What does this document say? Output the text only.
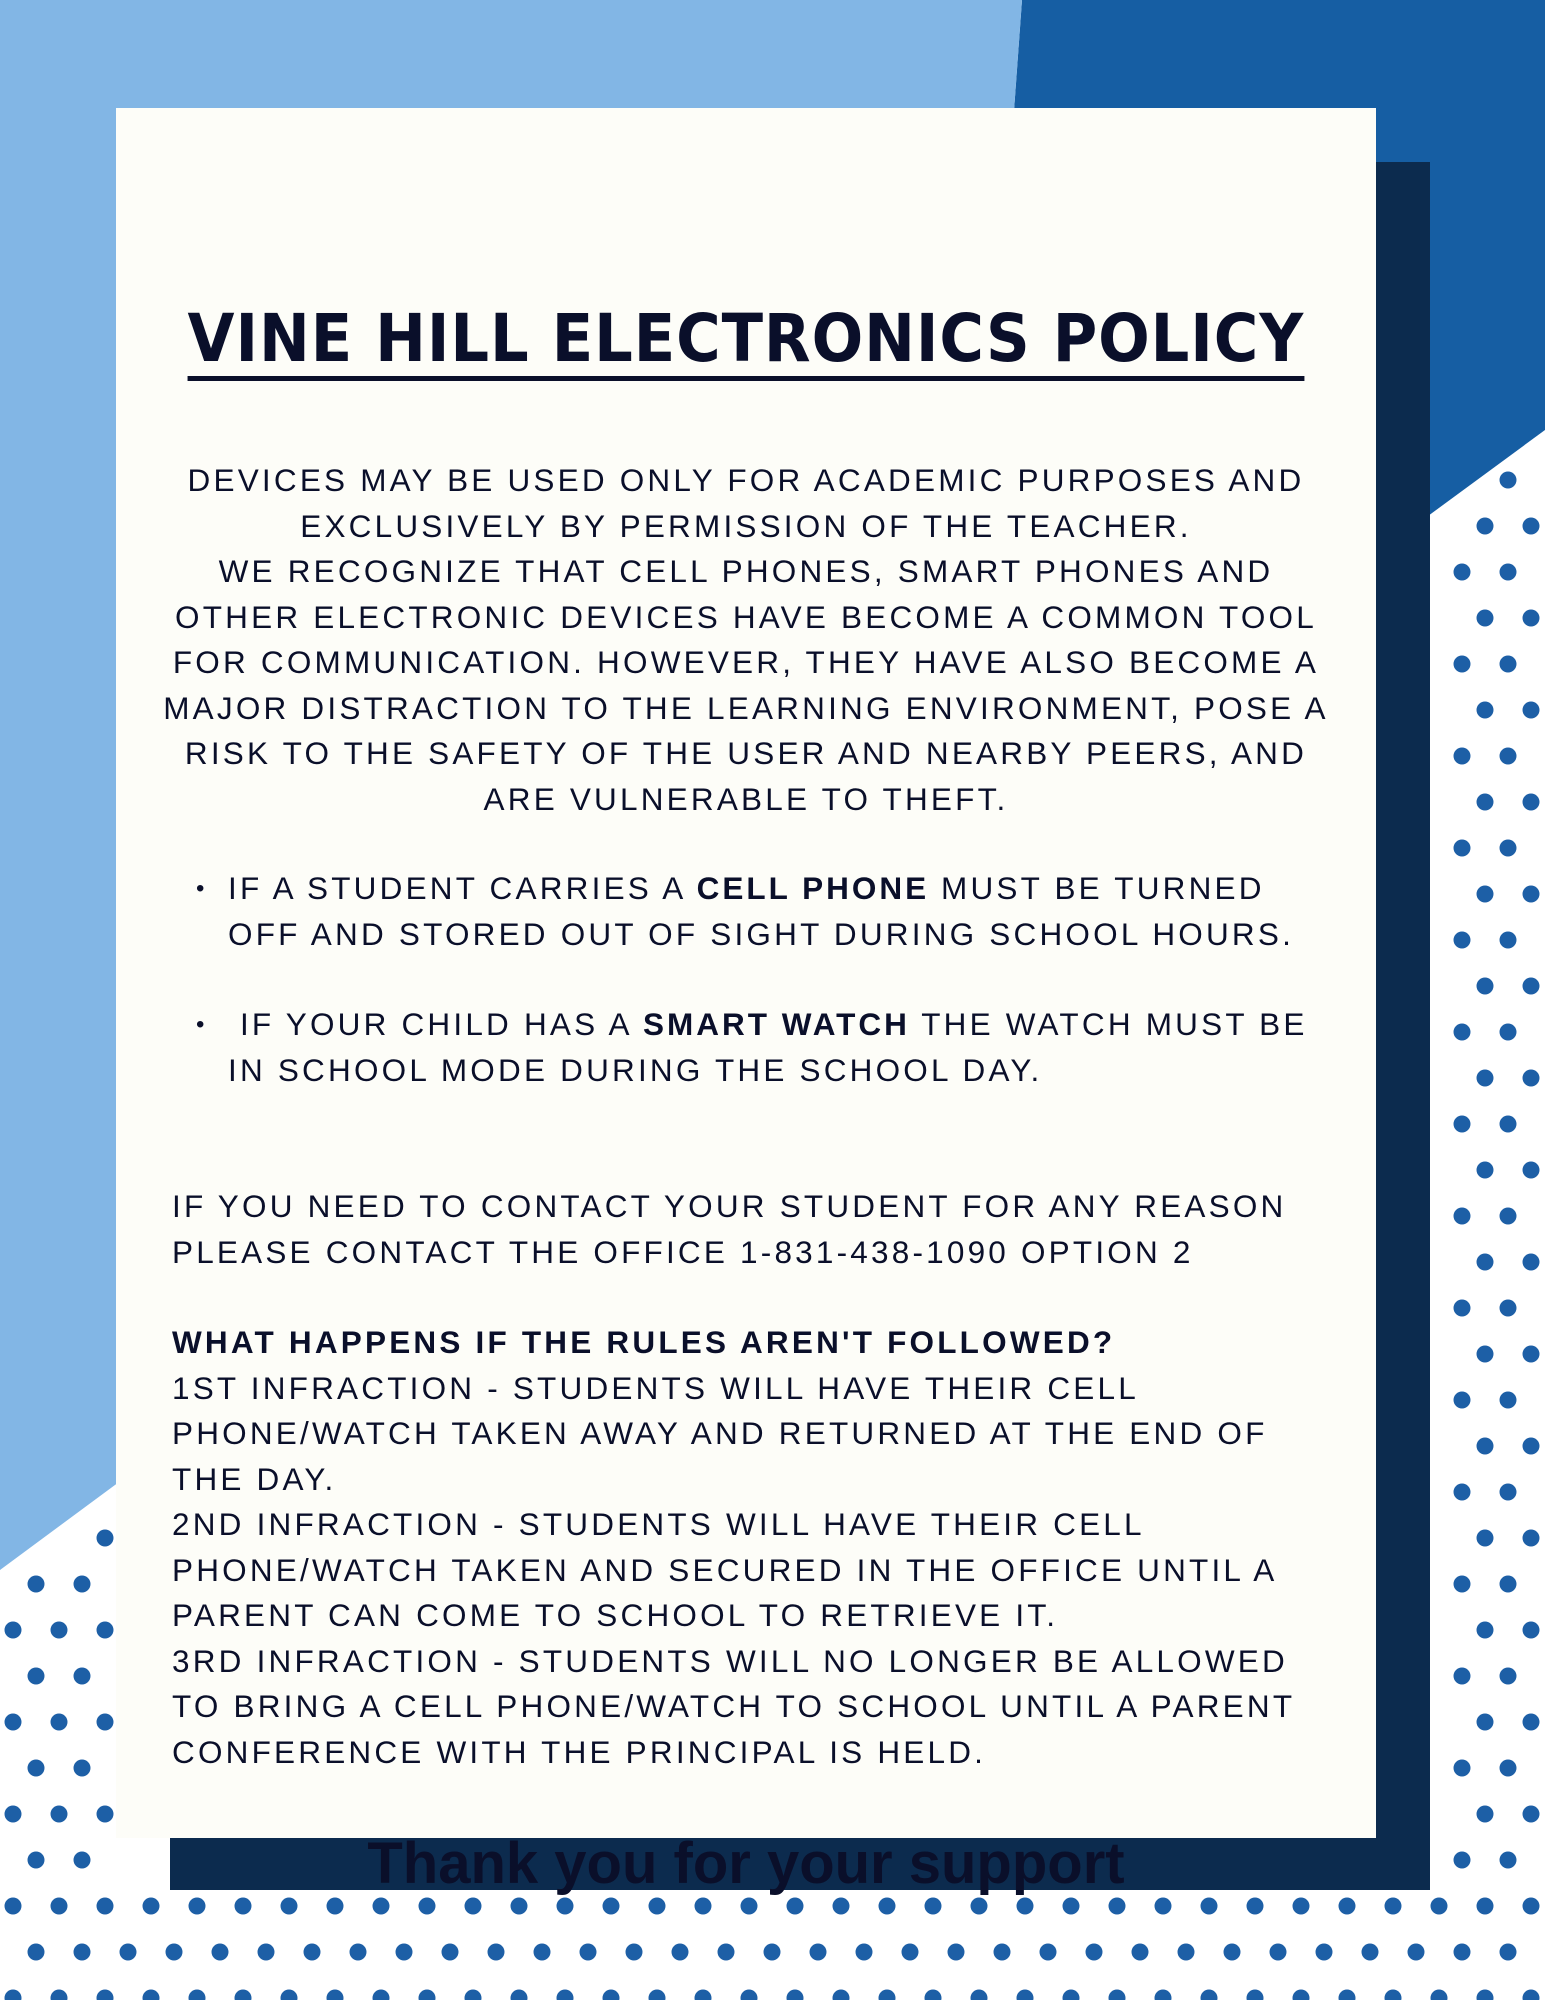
VINE HILL ELECTRONICS POLICY

DEVICES MAY BE USED ONLY FOR ACADEMIC PURPOSES AND EXCLUSIVELY BY PERMISSION OF THE TEACHER.
WE RECOGNIZE THAT CELL PHONES, SMART PHONES AND OTHER ELECTRONIC DEVICES HAVE BECOME A COMMON TOOL FOR COMMUNICATION. HOWEVER, THEY HAVE ALSO BECOME A MAJOR DISTRACTION TO THE LEARNING ENVIRONMENT, POSE A RISK TO THE SAFETY OF THE USER AND NEARBY PEERS, AND ARE VULNERABLE TO THEFT.

• IF A STUDENT CARRIES A CELL PHONE MUST BE TURNED OFF AND STORED OUT OF SIGHT DURING SCHOOL HOURS.
•  IF YOUR CHILD HAS A SMART WATCH THE WATCH MUST BE IN SCHOOL MODE DURING THE SCHOOL DAY.

IF YOU NEED TO CONTACT YOUR STUDENT FOR ANY REASON PLEASE CONTACT THE OFFICE 1-831-438-1090 OPTION 2

WHAT HAPPENS IF THE RULES AREN'T FOLLOWED?
1ST INFRACTION - STUDENTS WILL HAVE THEIR CELL PHONE/WATCH TAKEN AWAY AND RETURNED AT THE END OF THE DAY.
2ND INFRACTION - STUDENTS WILL HAVE THEIR CELL PHONE/WATCH TAKEN AND SECURED IN THE OFFICE UNTIL A PARENT CAN COME TO SCHOOL TO RETRIEVE IT.
3RD INFRACTION - STUDENTS WILL NO LONGER BE ALLOWED TO BRING A CELL PHONE/WATCH TO SCHOOL UNTIL A PARENT CONFERENCE WITH THE PRINCIPAL IS HELD.

Thank you for your support
